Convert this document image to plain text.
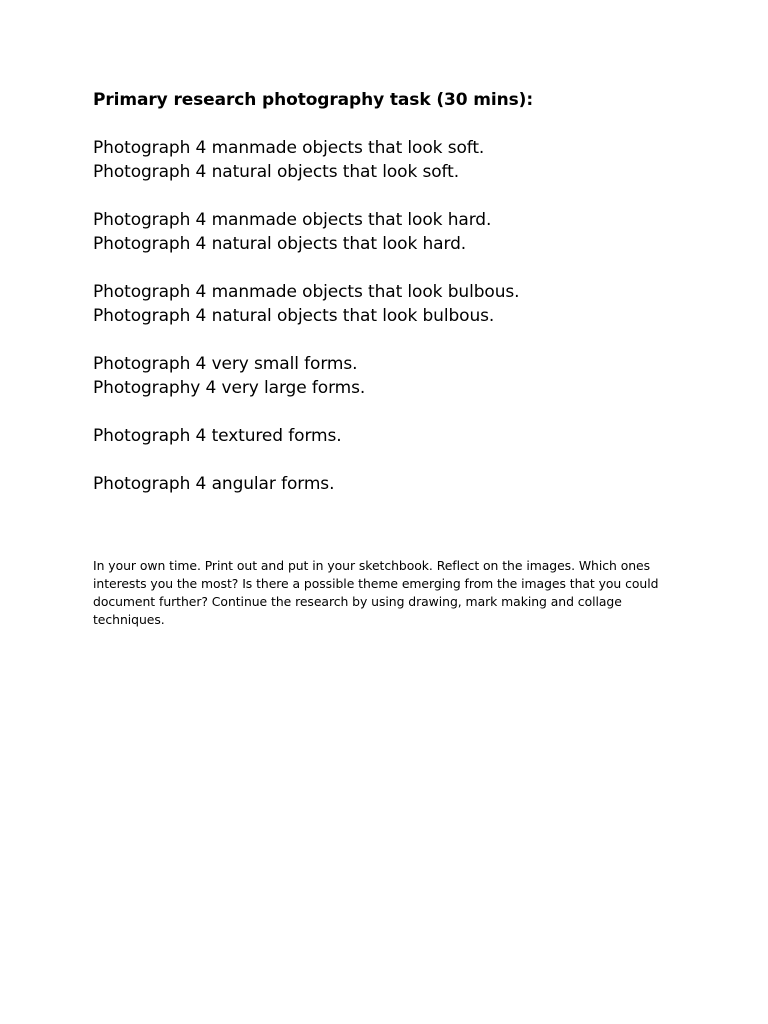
Primary research photography task (30 mins):

Photograph 4 manmade objects that look soft.
Photograph 4 natural objects that look soft.
Photograph 4 manmade objects that look hard.
Photograph 4 natural objects that look hard.
Photograph 4 manmade objects that look bulbous.
Photograph 4 natural objects that look bulbous.
Photograph 4 very small forms.
Photography 4 very large forms.
Photograph 4 textured forms.
Photograph 4 angular forms.

In your own time. Print out and put in your sketchbook. Reflect on the images. Which ones interests you the most? Is there a possible theme emerging from the images that you could document further? Continue the research by using drawing, mark making and collage techniques.
